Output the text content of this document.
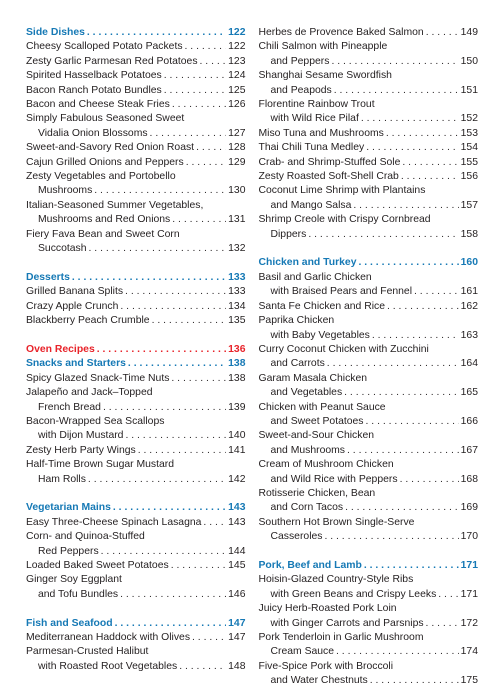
Side Dishes . . .	122
Cheesy Scalloped Potato Packets . . .	122
Zesty Garlic Parmesan Red Potatoes . . .	123
Spirited Hasselback Potatoes . . .	124
Bacon Ranch Potato Bundles . . .	125
Bacon and Cheese Steak Fries . . .	126
Simply Fabulous Seasoned Sweet
Vidalia Onion Blossoms . . .	127
Sweet-and-Savory Red Onion Roast . . .	128
Cajun Grilled Onions and Peppers . . .	129
Zesty Vegetables and Portobello
Mushrooms . . .	130
Italian-Seasoned Summer Vegetables,
Mushrooms and Red Onions . . .	131
Fiery Fava Bean and Sweet Corn
Succotash . . .	132
Desserts . . .	133
Grilled Banana Splits . . .	133
Crazy Apple Crunch . . .	134
Blackberry Peach Crumble . . .	135
Oven Recipes . . .	136
Snacks and Starters . . .	138
Spicy Glazed Snack-Time Nuts . . .	138
Jalapeño and Jack–Topped
French Bread . . .	139
Bacon-Wrapped Sea Scallops
with Dijon Mustard . . .	140
Zesty Herb Party Wings . . .	141
Half-Time Brown Sugar Mustard
Ham Rolls . . .	142
Vegetarian Mains . . .	143
Easy Three-Cheese Spinach Lasagna . . .	143
Corn- and Quinoa-Stuffed
Red Peppers . . .	144
Loaded Baked Sweet Potatoes . . .	145
Ginger Soy Eggplant
and Tofu Bundles . . .	146
Fish and Seafood . . .	147
Mediterranean Haddock with Olives . . .	147
Parmesan-Crusted Halibut
with Roasted Root Vegetables . . .	148
Herbes de Provence Baked Salmon . . .	149
Chili Salmon with Pineapple
and Peppers . . .	150
Shanghai Sesame Swordfish
and Peapods . . .	151
Florentine Rainbow Trout
with Wild Rice Pilaf . . .	152
Miso Tuna and Mushrooms . . .	153
Thai Chili Tuna Medley . . .	154
Crab- and Shrimp-Stuffed Sole . . .	155
Zesty Roasted Soft-Shell Crab . . .	156
Coconut Lime Shrimp with Plantains
and Mango Salsa . . .	157
Shrimp Creole with Crispy Cornbread
Dippers . . .	158
Chicken and Turkey . . .	160
Basil and Garlic Chicken
with Braised Pears and Fennel . . .	161
Santa Fe Chicken and Rice . . .	162
Paprika Chicken
with Baby Vegetables . . .	163
Curry Coconut Chicken with Zucchini
and Carrots . . .	164
Garam Masala Chicken
and Vegetables . . .	165
Chicken with Peanut Sauce
and Sweet Potatoes . . .	166
Sweet-and-Sour Chicken
and Mushrooms . . .	167
Cream of Mushroom Chicken
and Wild Rice with Peppers . . .	168
Rotisserie Chicken, Bean
and Corn Tacos . . .	169
Southern Hot Brown Single-Serve
Casseroles . . .	170
Pork, Beef and Lamb . . .	171
Hoisin-Glazed Country-Style Ribs
with Green Beans and Crispy Leeks . . . 171
Juicy Herb-Roasted Pork Loin
with Ginger Carrots and Parsnips . . .	172
Pork Tenderloin in Garlic Mushroom
Cream Sauce . . .	174
Five-Spice Pork with Broccoli
and Water Chestnuts . . .	175
